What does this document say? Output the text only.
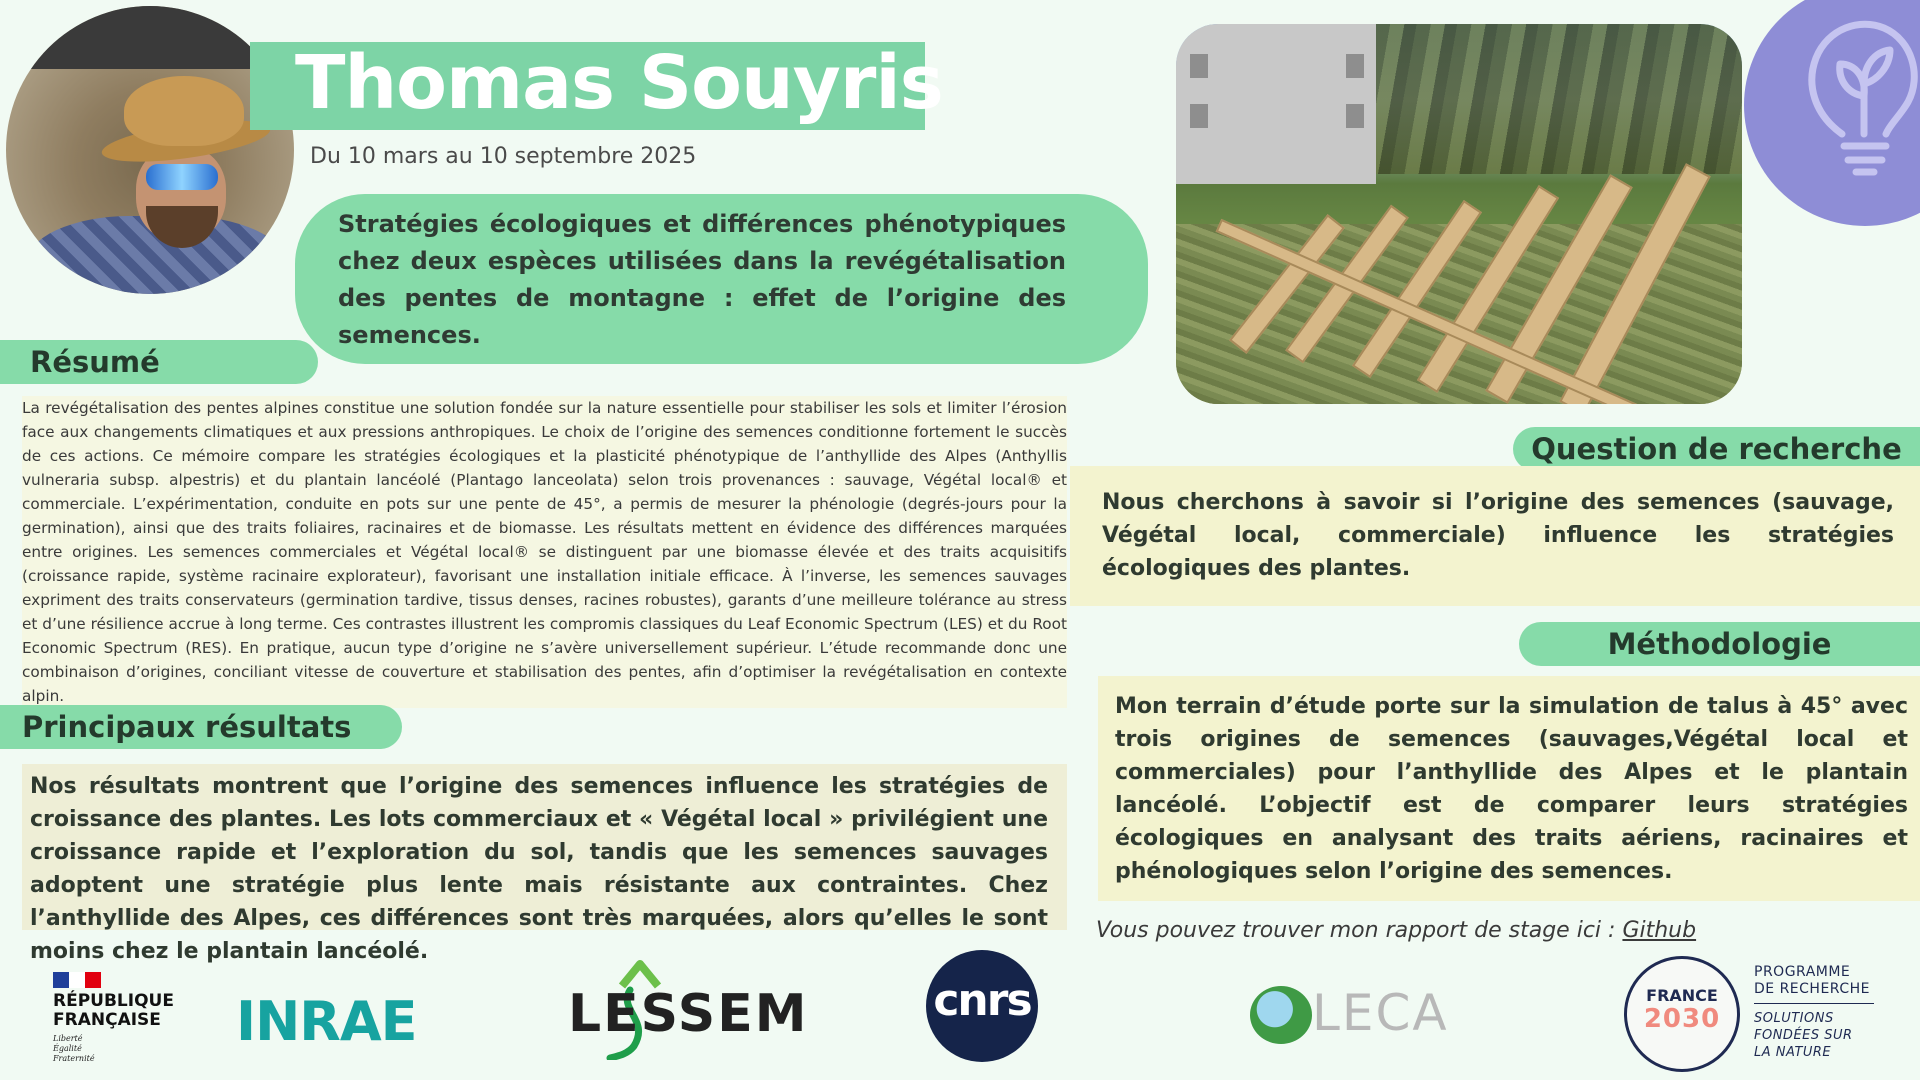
Thomas Souyris
Du 10 mars au 10 septembre 2025
Stratégies écologiques et différences phénotypiques chez deux espèces utilisées dans la revégétalisation des pentes de montagne : effet de l’origine des semences.
Résumé
La revégétalisation des pentes alpines constitue une solution fondée sur la nature essentielle pour stabiliser les sols et limiter l’érosion face aux changements climatiques et aux pressions anthropiques. Le choix de l’origine des semences conditionne fortement le succès de ces actions. Ce mémoire compare les stratégies écologiques et la plasticité phénotypique de l’anthyllide des Alpes (Anthyllis vulneraria subsp. alpestris) et du plantain lancéolé (Plantago lanceolata) selon trois provenances : sauvage, Végétal local® et commerciale. L’expérimentation, conduite en pots sur une pente de 45°, a permis de mesurer la phénologie (degrés-jours pour la germination), ainsi que des traits foliaires, racinaires et de biomasse. Les résultats mettent en évidence des différences marquées entre origines. Les semences commerciales et Végétal local® se distinguent par une biomasse élevée et des traits acquisitifs (croissance rapide, système racinaire explorateur), favorisant une installation initiale efficace. À l’inverse, les semences sauvages expriment des traits conservateurs (germination tardive, tissus denses, racines robustes), garants d’une meilleure tolérance au stress et d’une résilience accrue à long terme. Ces contrastes illustrent les compromis classiques du Leaf Economic Spectrum (LES) et du Root Economic Spectrum (RES). En pratique, aucun type d’origine ne s’avère universellement supérieur. L’étude recommande donc une combinaison d’origines, conciliant vitesse de couverture et stabilisation des pentes, afin d’optimiser la revégétalisation en contexte alpin.
Principaux résultats
Nos résultats montrent que l’origine des semences influence les stratégies de croissance des plantes. Les lots commerciaux et « Végétal local » privilégient une croissance rapide et l’exploration du sol, tandis que les semences sauvages adoptent une stratégie plus lente mais résistante aux contraintes. Chez l’anthyllide des Alpes, ces différences sont très marquées, alors qu’elles le sont moins chez le plantain lancéolé.
Question de recherche
Nous cherchons à savoir si l’origine des semences (sauvage, Végétal local, commerciale) influence les stratégies écologiques des plantes.
Méthodologie
Mon terrain d’étude porte sur la simulation de talus à 45° avec trois origines de semences (sauvages,Végétal local et commerciales) pour l’anthyllide des Alpes et le plantain lancéolé. L’objectif est de comparer leurs stratégies écologiques en analysant des traits aériens, racinaires et phénologiques selon l’origine des semences.
Vous pouvez trouver mon rapport de stage ici : Github
RÉPUBLIQUE
FRANÇAISE
Liberté
Égalité
Fraternité
INRAE	LESSEM	cnrs	LECA	FRANCE
2030
PROGRAMME
DE RECHERCHE
SOLUTIONS
FONDÉES SUR
LA NATURE
